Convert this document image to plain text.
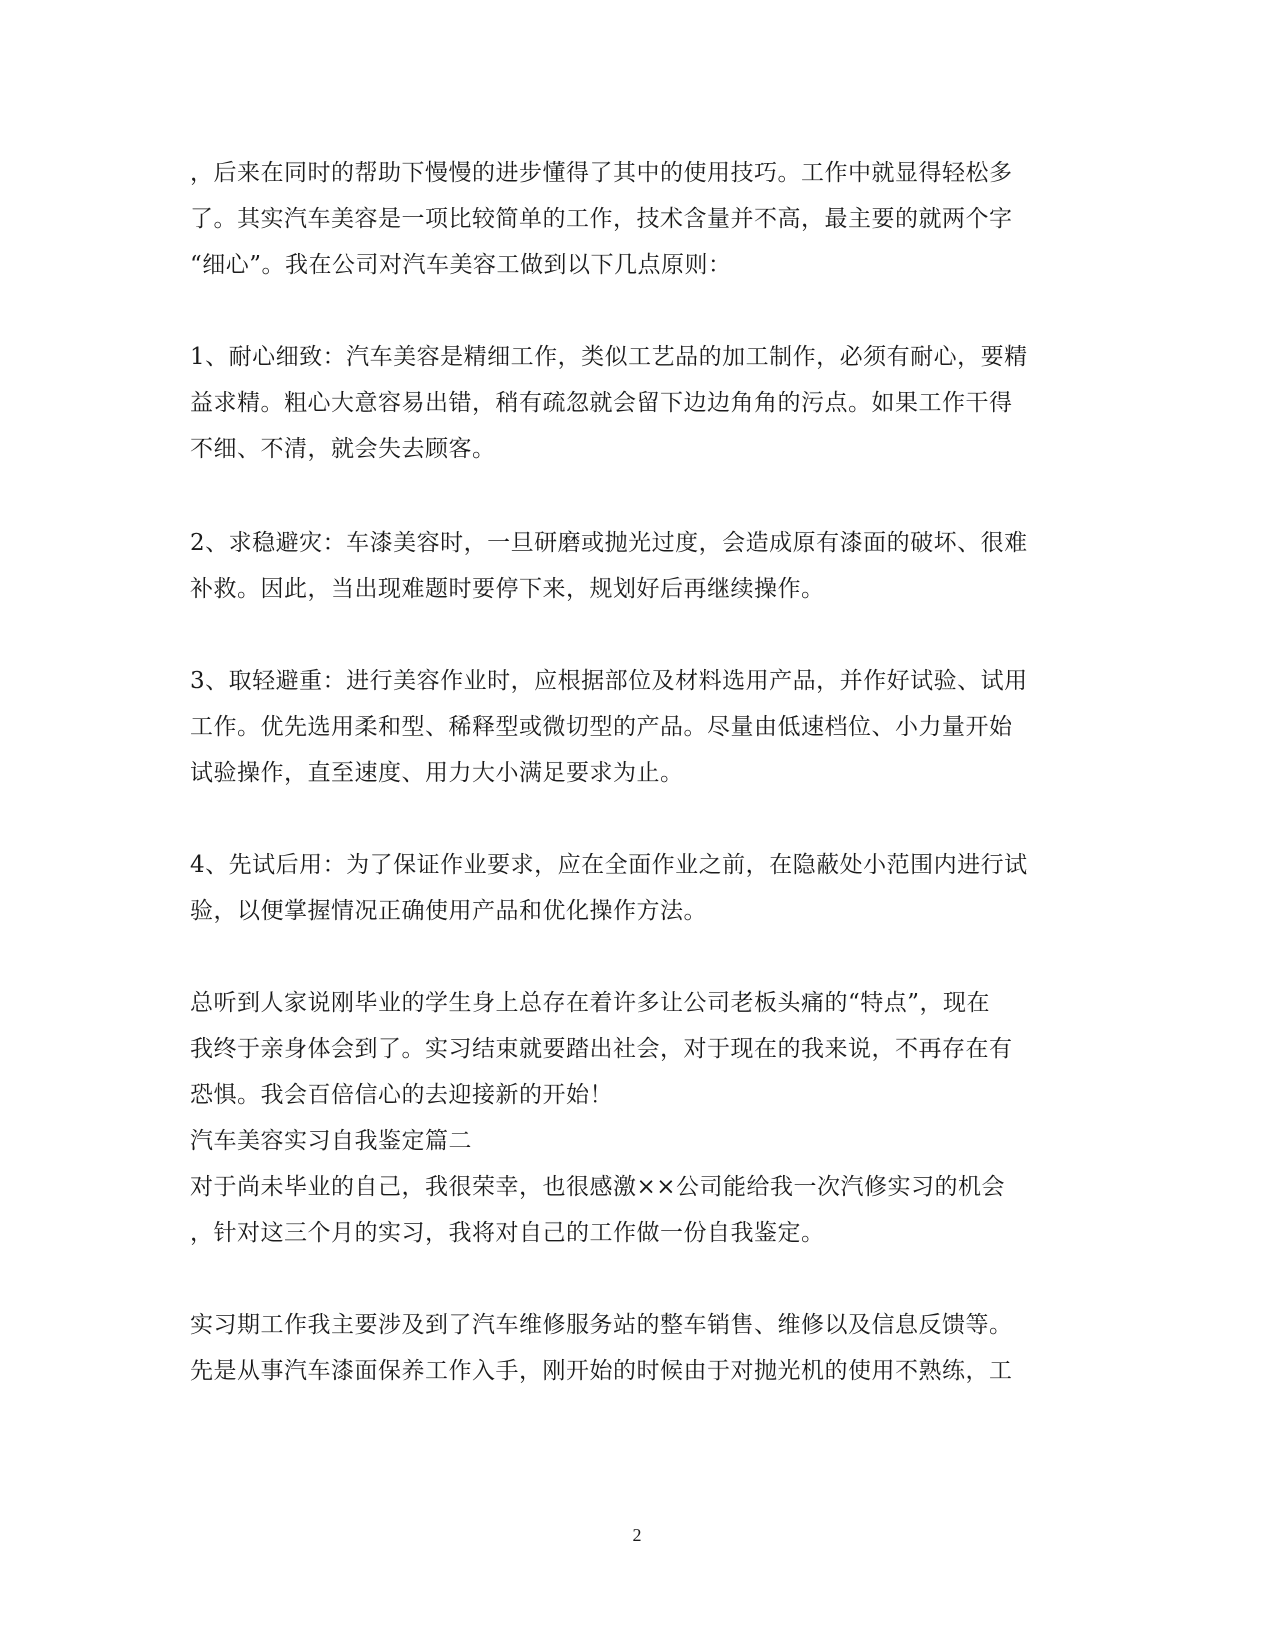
，后来在同时的帮助下慢慢的进步懂得了其中的使用技巧。工作中就显得轻松多
了。其实汽车美容是一项比较简单的工作，技术含量并不高，最主要的就两个字
“细心”。我在公司对汽车美容工做到以下几点原则：
1、耐心细致：汽车美容是精细工作，类似工艺品的加工制作，必须有耐心，要精
益求精。粗心大意容易出错，稍有疏忽就会留下边边角角的污点。如果工作干得
不细、不清，就会失去顾客。
2、求稳避灾：车漆美容时，一旦研磨或抛光过度，会造成原有漆面的破坏、很难
补救。因此，当出现难题时要停下来，规划好后再继续操作。
3、取轻避重：进行美容作业时，应根据部位及材料选用产品，并作好试验、试用
工作。优先选用柔和型、稀释型或微切型的产品。尽量由低速档位、小力量开始
试验操作，直至速度、用力大小满足要求为止。
4、先试后用：为了保证作业要求，应在全面作业之前，在隐蔽处小范围内进行试
验，以便掌握情况正确使用产品和优化操作方法。
总听到人家说刚毕业的学生身上总存在着许多让公司老板头痛的“特点”，现在
我终于亲身体会到了。实习结束就要踏出社会，对于现在的我来说，不再存在有
恐惧。我会百倍信心的去迎接新的开始！
汽车美容实习自我鉴定篇二
对于尚未毕业的自己，我很荣幸，也很感激××公司能给我一次汽修实习的机会
，针对这三个月的实习，我将对自己的工作做一份自我鉴定。
实习期工作我主要涉及到了汽车维修服务站的整车销售、维修以及信息反馈等。
先是从事汽车漆面保养工作入手，刚开始的时候由于对抛光机的使用不熟练，工
2
